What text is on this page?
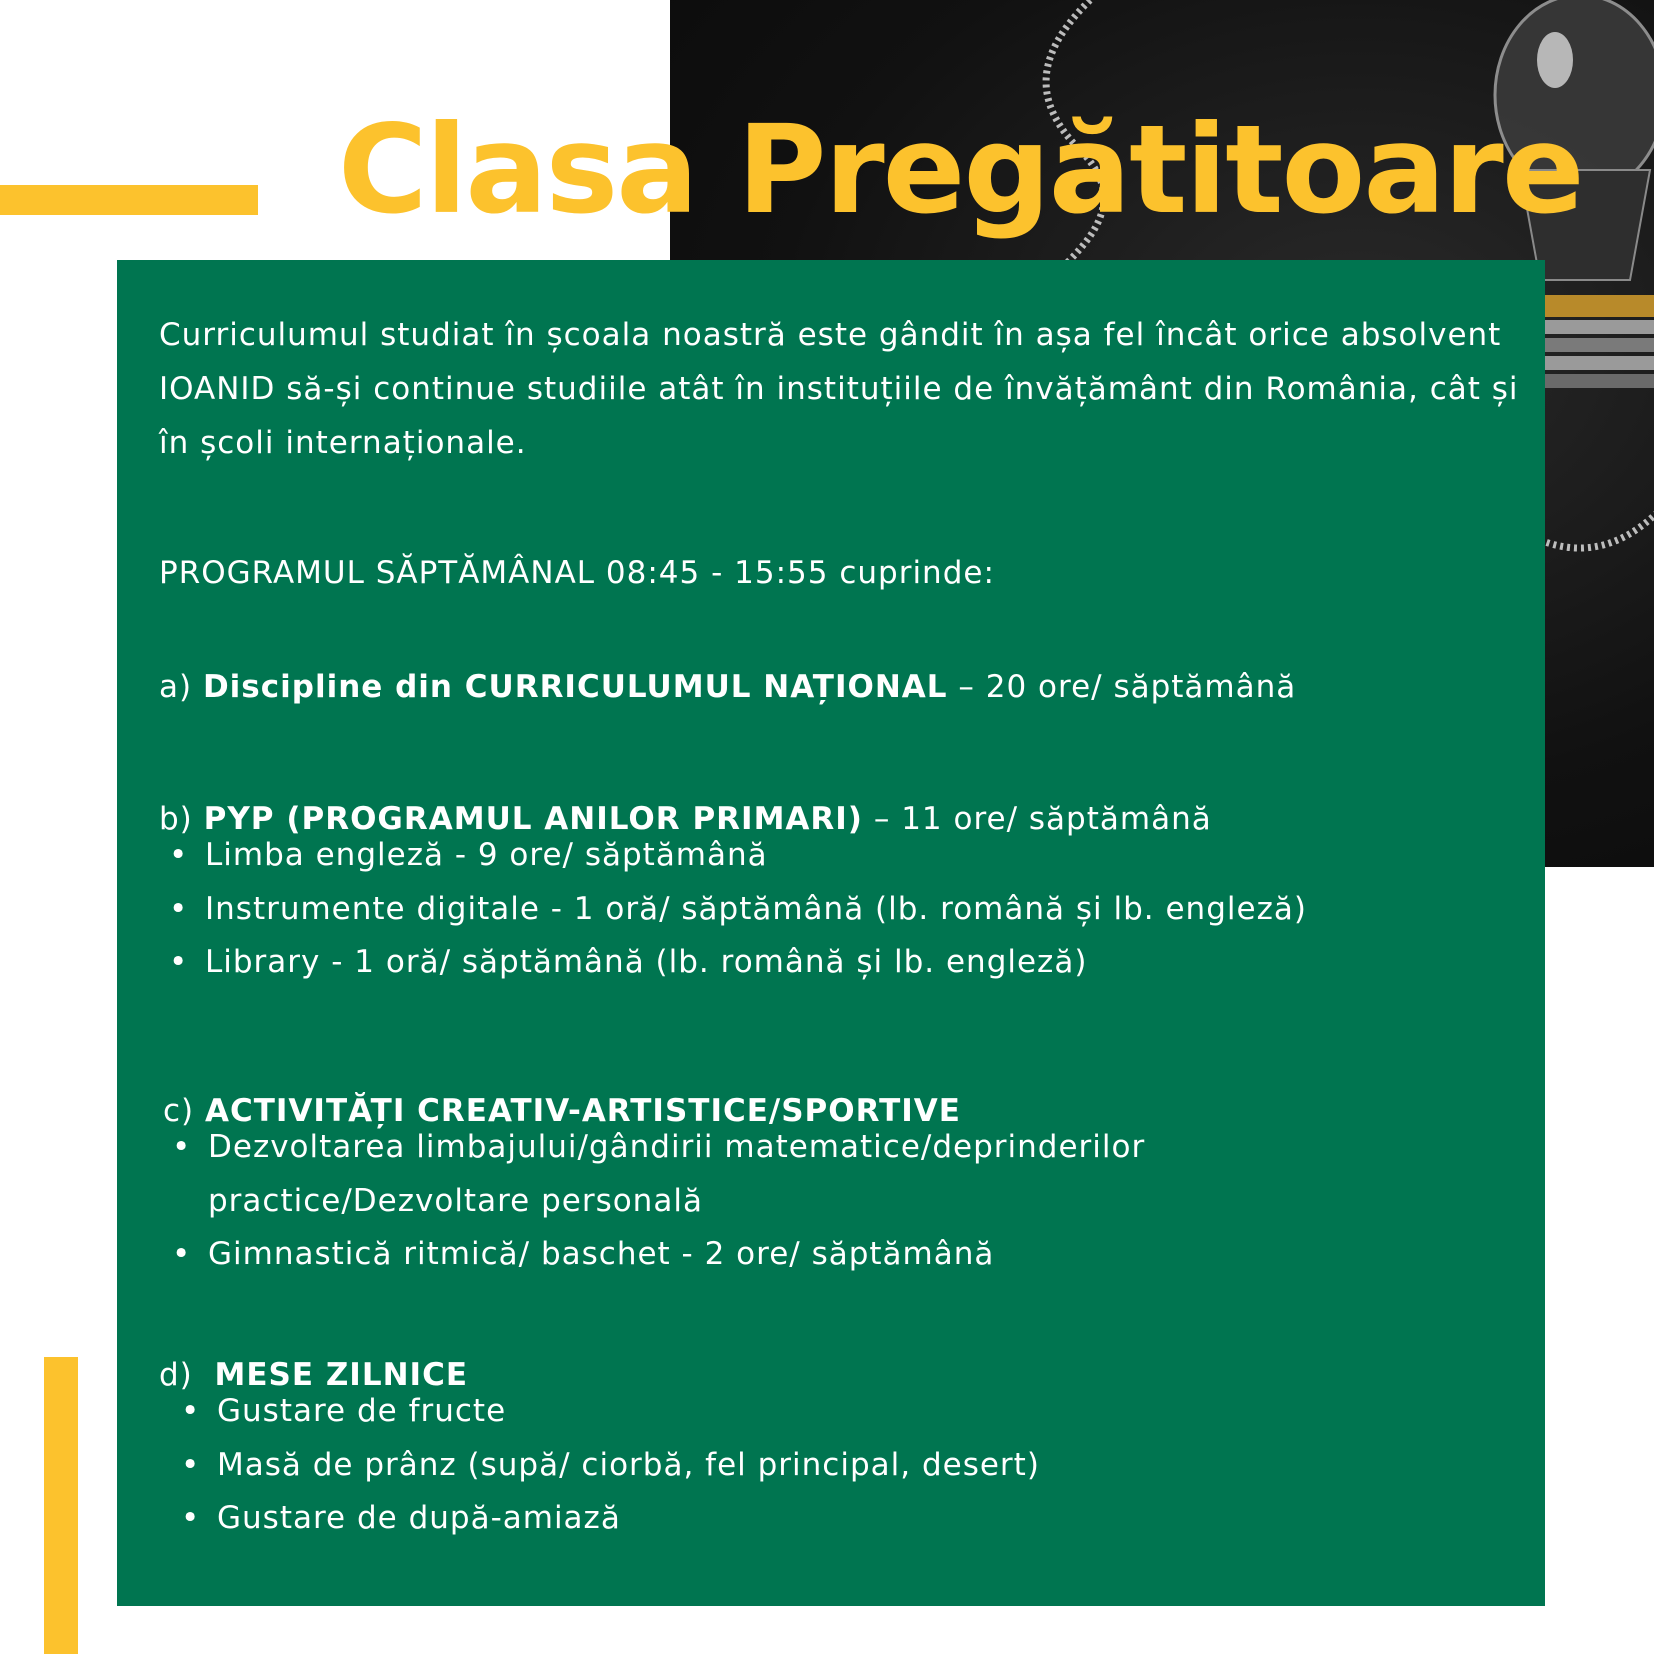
Clasa Pregătitoare

Curriculumul studiat în școala noastră este gândit în așa fel încât orice absolvent IOANID să-și continue studiile atât în instituțiile de învățământ din România, cât și în școli internaționale.

PROGRAMUL SĂPTĂMÂNAL 08:45 - 15:55 cuprinde:

a) Discipline din CURRICULUMUL NAȚIONAL – 20 ore/ săptămână

b) PYP (PROGRAMUL ANILOR PRIMARI) – 11 ore/ săptămână

• Limba engleză - 9 ore/ săptămână
• Instrumente digitale - 1 oră/ săptămână (lb. română și lb. engleză)
• Library - 1 oră/ săptămână (lb. română și lb. engleză)

c) ACTIVITĂȚI CREATIV-ARTISTICE/SPORTIVE

• Dezvoltarea limbajului/gândirii matematice/deprinderilor practice/Dezvoltare personală
• Gimnastică ritmică/ baschet - 2 ore/ săptămână

d) MESE ZILNICE

• Gustare de fructe
• Masă de prânz (supă/ ciorbă, fel principal, desert)
• Gustare de după-amiază
